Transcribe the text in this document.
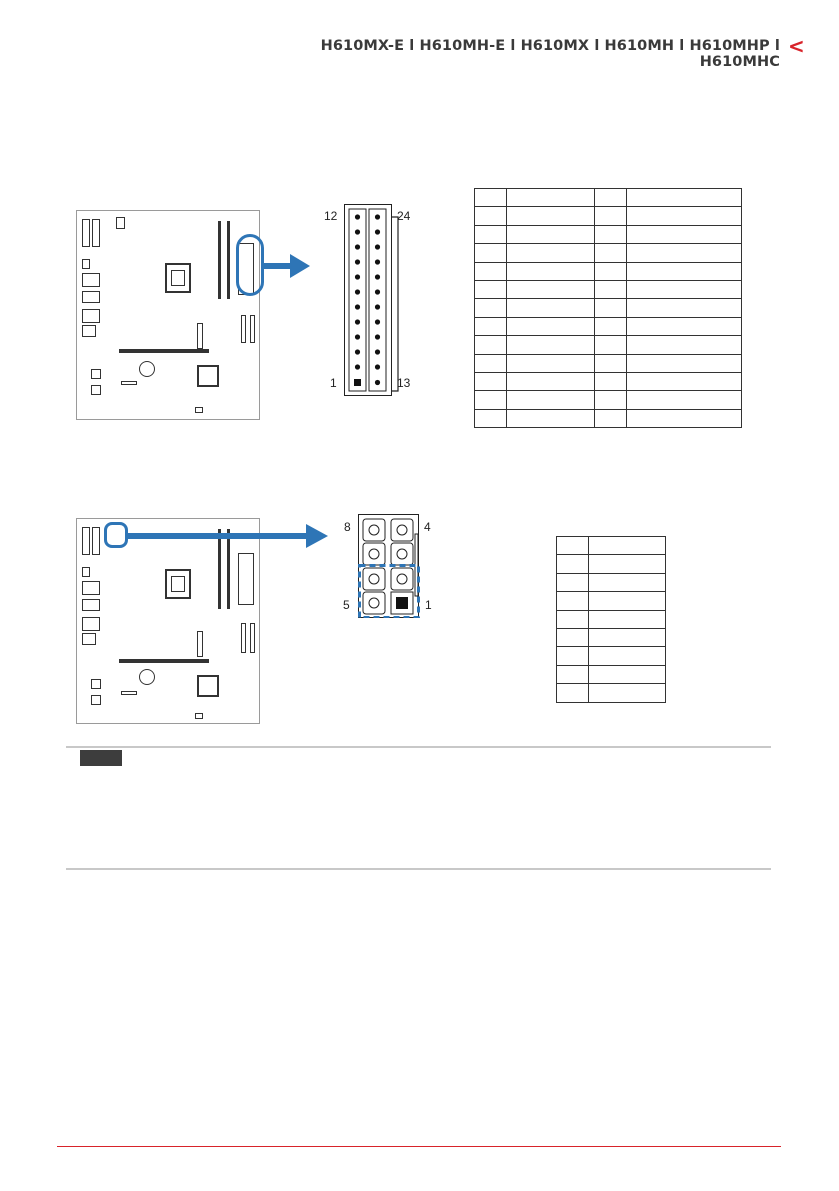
H610MX-E l H610MH-E l H610MX l H610MH l H610MHP l H610MHC
<
12	24
1	13

8	4
5	1
